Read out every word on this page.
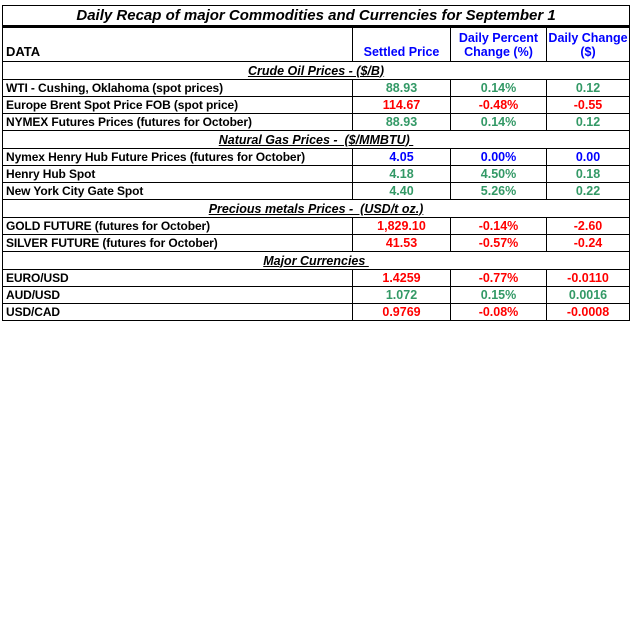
Daily Recap of major Commodities and Currencies for September 1			
DATA	Settled Price	Daily Percent Change (%)	Daily Change ($)
Crude Oil Prices - ($/B)			
WTI - Cushing, Oklahoma (spot prices)	88.93	0.14%	0.12
Europe Brent Spot Price FOB (spot price)	114.67	-0.48%	-0.55
NYMEX Futures Prices (futures for October)	88.93	0.14%	0.12
Natural Gas Prices -  ($/MMBTU)			
Nymex Henry Hub Future Prices (futures for October)	4.05	0.00%	0.00
Henry Hub Spot	4.18	4.50%	0.18
New York City Gate Spot	4.40	5.26%	0.22
Precious metals Prices -  (USD/t oz.)			
GOLD FUTURE (futures for October)	1,829.10	-0.14%	-2.60
SILVER FUTURE (futures for October)	41.53	-0.57%	-0.24
Major Currencies			
EURO/USD	1.4259	-0.77%	-0.0110
AUD/USD	1.072	0.15%	0.0016
USD/CAD	0.9769	-0.08%	-0.0008
